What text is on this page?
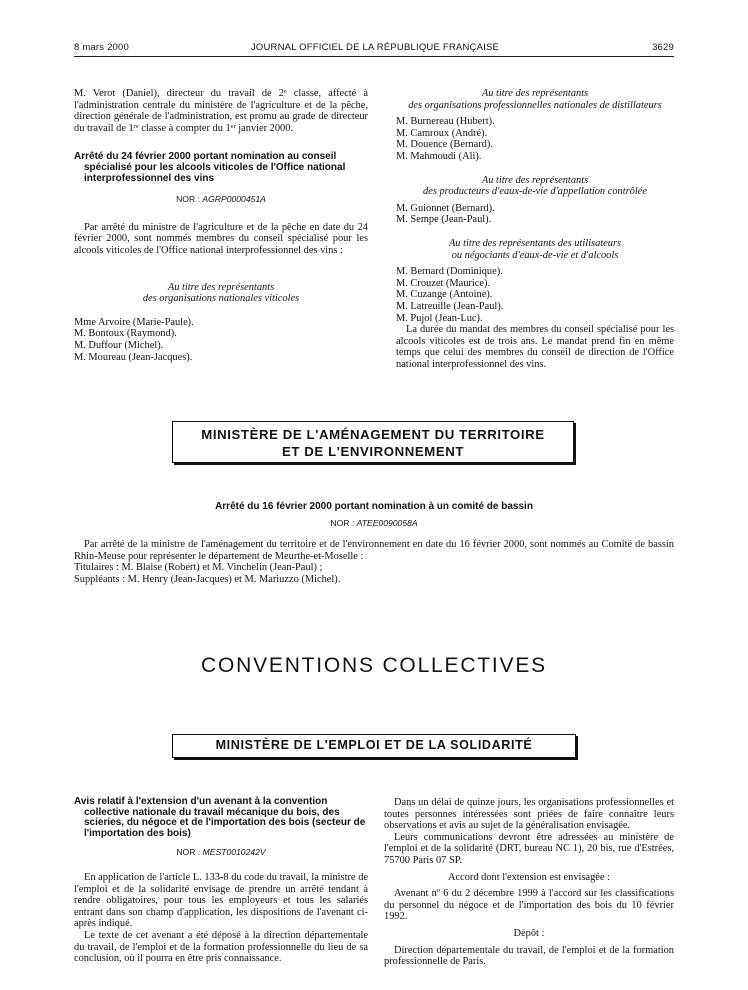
8 mars 2000	JOURNAL OFFICIEL DE LA RÉPUBLIQUE FRANÇAISE	3629

M. Verot (Daniel), directeur du travail de 2ᵉ classe, affecté à l'administration centrale du ministère de l'agriculture et de la pêche, direction générale de l'administration, est promu au grade de directeur du travail de 1ʳᵉ classe à compter du 1ᵉʳ janvier 2000.

Arrêté du 24 février 2000 portant nomination au conseil spécialisé pour les alcools viticoles de l'Office national interprofessionnel des vins
NOR : AGRP0000451A

Par arrêté du ministre de l'agriculture et de la pêche en date du 24 février 2000, sont nommés membres du conseil spécialisé pour les alcools viticoles de l'Office national interprofessionnel des vins :

Au titre des représentants
des organisations nationales viticoles
Mme Arvoire (Marie-Paule).
M. Bontoux (Raymond).
M. Duffour (Michel).
M. Moureau (Jean-Jacques).
Au titre des représentants
des organisations professionnelles nationales de distillateurs
M. Burnereau (Hubert).
M. Camroux (André).
M. Douence (Bernard).
M. Mahmoudi (Ali).
Au titre des représentants
des producteurs d'eaux-de-vie d'appellation contrôlée
M. Guionnet (Bernard).
M. Sempe (Jean-Paul).
Au titre des représentants des utilisateurs
ou négociants d'eaux-de-vie et d'alcools
M. Bernard (Dominique).
M. Crouzet (Maurice).
M. Cuzange (Antoine).
M. Latreuille (Jean-Paul).
M. Pujol (Jean-Luc).

La durée du mandat des membres du conseil spécialisé pour les alcools viticoles est de trois ans. Le mandat prend fin en même temps que celui des membres du conseil de direction de l'Office national interprofessionnel des vins.

MINISTÈRE DE L'AMÉNAGEMENT DU TERRITOIRE
ET DE L'ENVIRONNEMENT
Arrêté du 16 février 2000 portant nomination à un comité de bassin
NOR : ATEE0090058A

Par arrêté de la ministre de l'aménagement du territoire et de l'environnement en date du 16 février 2000, sont nommés au Comité de bassin Rhin-Meuse pour représenter le département de Meurthe-et-Moselle :

Titulaires : M. Blaise (Robert) et M. Vinchelin (Jean-Paul) ;
Suppléants : M. Henry (Jean-Jacques) et M. Mariuzzo (Michel).
CONVENTIONS COLLECTIVES
MINISTÈRE DE L'EMPLOI ET DE LA SOLIDARITÉ
Avis relatif à l'extension d'un avenant à la convention collective nationale du travail mécanique du bois, des scieries, du négoce et de l'importation des bois (secteur de l'importation des bois)
NOR : MEST0010242V

En application de l'article L. 133-8 du code du travail, la ministre de l'emploi et de la solidarité envisage de prendre un arrêté tendant à rendre obligatoires, pour tous les employeurs et tous les salariés entrant dans son champ d'application, les dispositions de l'avenant ci-après indiqué.

Le texte de cet avenant a été déposé à la direction départementale du travail, de l'emploi et de la formation professionnelle du lieu de sa conclusion, où il pourra en être pris connaissance.

Dans un délai de quinze jours, les organisations professionnelles et toutes personnes intéressées sont priées de faire connaître leurs observations et avis au sujet de la généralisation envisagée.

Leurs communications devront être adressées au ministère de l'emploi et de la solidarité (DRT, bureau NC 1), 20 bis, rue d'Estrées, 75700 Paris 07 SP.

Accord dont l'extension est envisagée :

Avenant nº 6 du 2 décembre 1999 à l'accord sur les classifications du personnel du négoce et de l'importation des bois du 10 février 1992.

Dépôt :

Direction départementale du travail, de l'emploi et de la formation professionnelle de Paris.
